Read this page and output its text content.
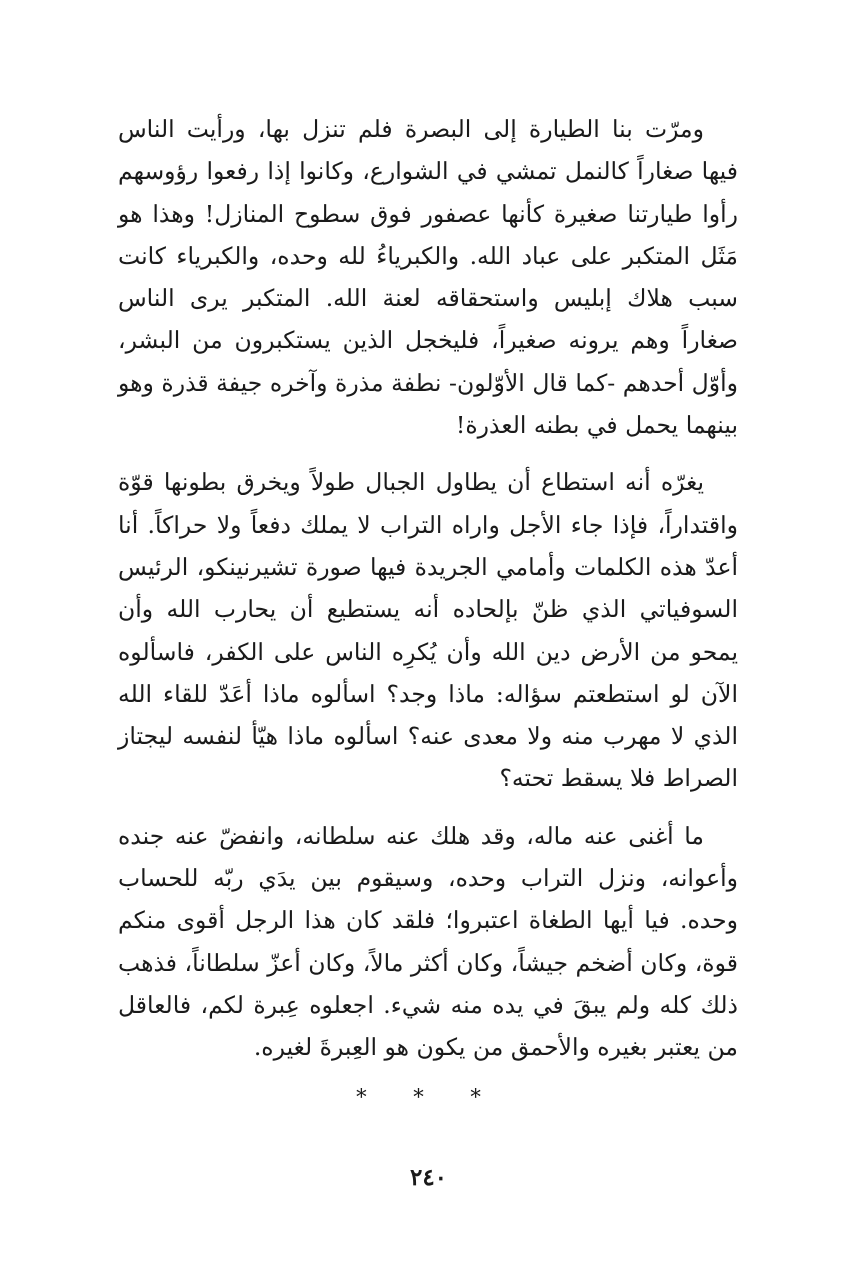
ومرّت بنا الطيارة إلى البصرة فلم تنزل بها، ورأيت الناس فيها صغاراً كالنمل تمشي في الشوارع، وكانوا إذا رفعوا رؤوسهم رأوا طيارتنا صغيرة كأنها عصفور فوق سطوح المنازل! وهذا هو مَثَل المتكبر على عباد الله. والكبرياءُ لله وحده، والكبرياء كانت سبب هلاك إبليس واستحقاقه لعنة الله. المتكبر يرى الناس صغاراً وهم يرونه صغيراً، فليخجل الذين يستكبرون من البشر، وأوّل أحدهم -كما قال الأوّلون- نطفة مذرة وآخره جيفة قذرة وهو بينهما يحمل في بطنه العذرة!

يغرّه أنه استطاع أن يطاول الجبال طولاً ويخرق بطونها قوّة واقتداراً، فإذا جاء الأجل واراه التراب لا يملك دفعاً ولا حراكاً. أنا أعدّ هذه الكلمات وأمامي الجريدة فيها صورة تشيرنينكو، الرئيس السوفياتي الذي ظنّ بإلحاده أنه يستطيع أن يحارب الله وأن يمحو من الأرض دين الله وأن يُكرِه الناس على الكفر، فاسألوه الآن لو استطعتم سؤاله: ماذا وجد؟ اسألوه ماذا أعَدّ للقاء الله الذي لا مهرب منه ولا معدى عنه؟ اسألوه ماذا هيّأ لنفسه ليجتاز الصراط فلا يسقط تحته؟

ما أغنى عنه ماله، وقد هلك عنه سلطانه، وانفضّ عنه جنده وأعوانه، ونزل التراب وحده، وسيقوم بين يدَي ربّه للحساب وحده. فيا أيها الطغاة اعتبروا؛ فلقد كان هذا الرجل أقوى منكم قوة، وكان أضخم جيشاً، وكان أكثر مالاً، وكان أعزّ سلطاناً، فذهب ذلك كله ولم يبقَ في يده منه شيء. اجعلوه عِبرة لكم، فالعاقل من يعتبر بغيره والأحمق من يكون هو العِبرةَ لغيره.

* * *
٢٤٠
